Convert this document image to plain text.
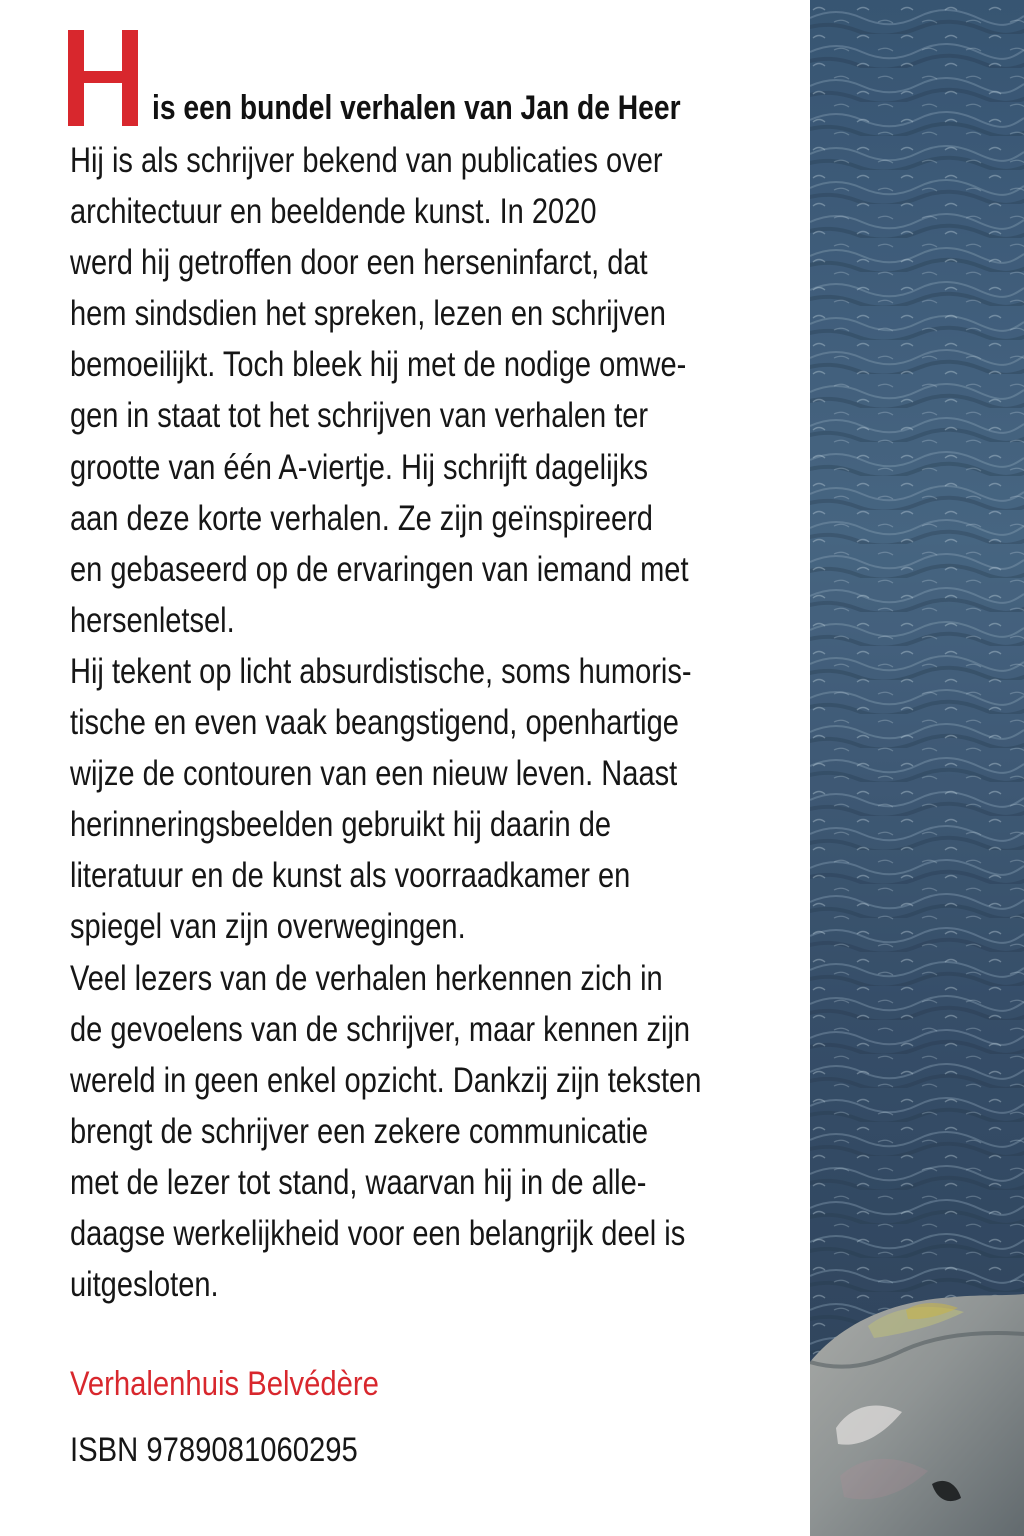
is een bundel verhalen van Jan de Heer
Hij is als schrijver bekend van publicaties over
architectuur en beeldende kunst. In 2020
werd hij getroffen door een herseninfarct, dat
hem sindsdien het spreken, lezen en schrijven
bemoeilijkt. Toch bleek hij met de nodige omwe-
gen in staat tot het schrijven van verhalen ter
grootte van één A-viertje. Hij schrijft dagelijks
aan deze korte verhalen. Ze zijn geïnspireerd
en gebaseerd op de ervaringen van iemand met
hersenletsel.
Hij tekent op licht absurdistische, soms humoris-
tische en even vaak beangstigend, openhartige
wijze de contouren van een nieuw leven. Naast
herinneringsbeelden gebruikt hij daarin de
literatuur en de kunst als voorraadkamer en
spiegel van zijn overwegingen.
Veel lezers van de verhalen herkennen zich in
de gevoelens van de schrijver, maar kennen zijn
wereld in geen enkel opzicht. Dankzij zijn teksten
brengt de schrijver een zekere communicatie
met de lezer tot stand, waarvan hij in de alle-
daagse werkelijkheid voor een belangrijk deel is
uitgesloten.

Verhalenhuis Belvédère

ISBN 9789081060295
